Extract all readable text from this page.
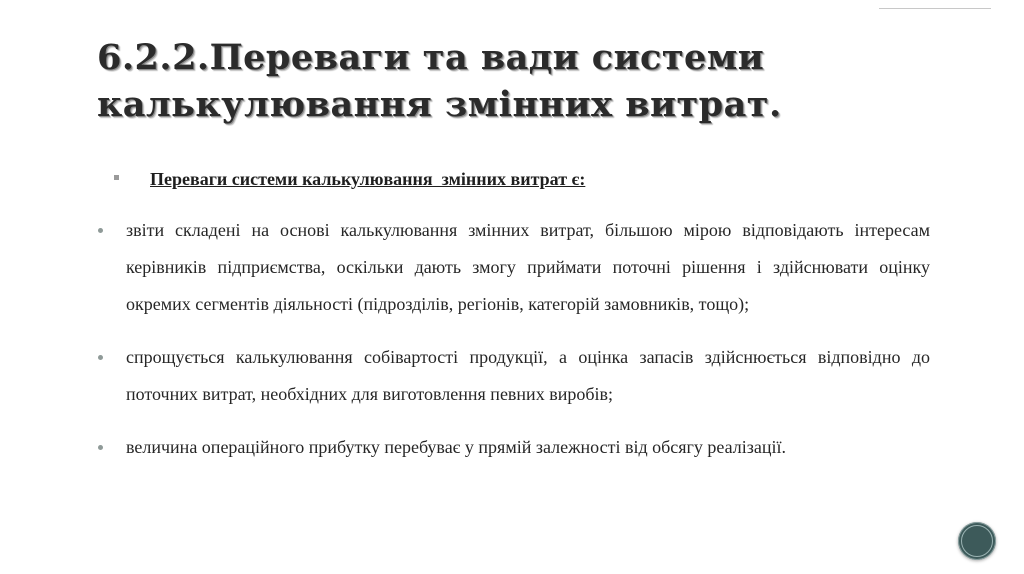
6.2.2.Переваги та вади системи калькулювання змінних витрат.
Переваги системи калькулювання  змінних витрат є:
звіти складені на основі калькулювання змінних витрат, більшою мірою відповідають інтересам керівників підприємства, оскільки дають змогу приймати поточні рішення і здійснювати оцінку окремих сегментів діяльності (підрозділів, регіонів, категорій замовників, тощо);
спрощується калькулювання собівартості продукції, а оцінка запасів здійснюється відповідно до поточних витрат, необхідних для виготовлення певних виробів;
величина операційного прибутку перебуває у прямій залежності від обсягу реалізації.
